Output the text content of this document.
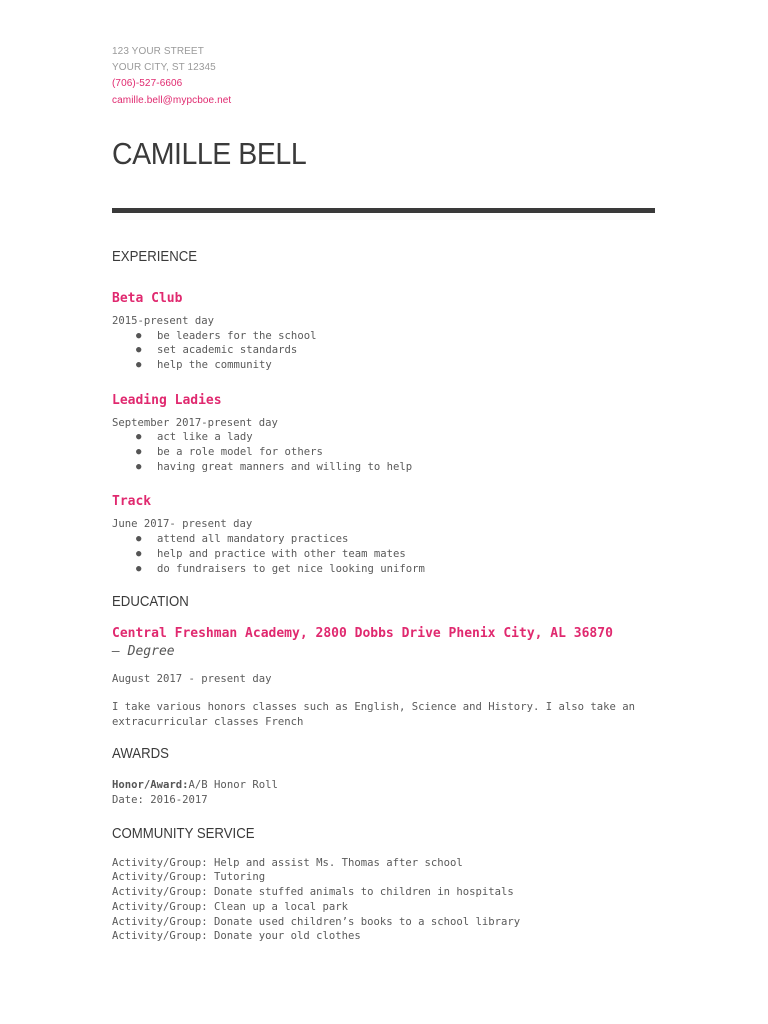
123 YOUR STREET
YOUR CITY, ST 12345
(706)-527-6606
camille.bell@mypcboe.net
CAMILLE BELL
EXPERIENCE
Beta Club
2015-present day
● be leaders for the school
● set academic standards
● help the community
Leading Ladies
September 2017-present day
● act like a lady
● be a role model for others
● having great manners and willing to help
Track
June 2017- present day
● attend all mandatory practices
● help and practice with other team mates
● do fundraisers to get nice looking uniform
EDUCATION
Central Freshman Academy, 2800 Dobbs Drive Phenix City, AL 36870
— Degree
August 2017 - present day
I take various honors classes such as English, Science and History. I also take an extracurricular classes French
AWARDS
Honor/Award:A/B Honor Roll
Date: 2016-2017
COMMUNITY SERVICE
Activity/Group: Help and assist Ms. Thomas after school
Activity/Group: Tutoring
Activity/Group: Donate stuffed animals to children in hospitals
Activity/Group: Clean up a local park
Activity/Group: Donate used children’s books to a school library
Activity/Group: Donate your old clothes
